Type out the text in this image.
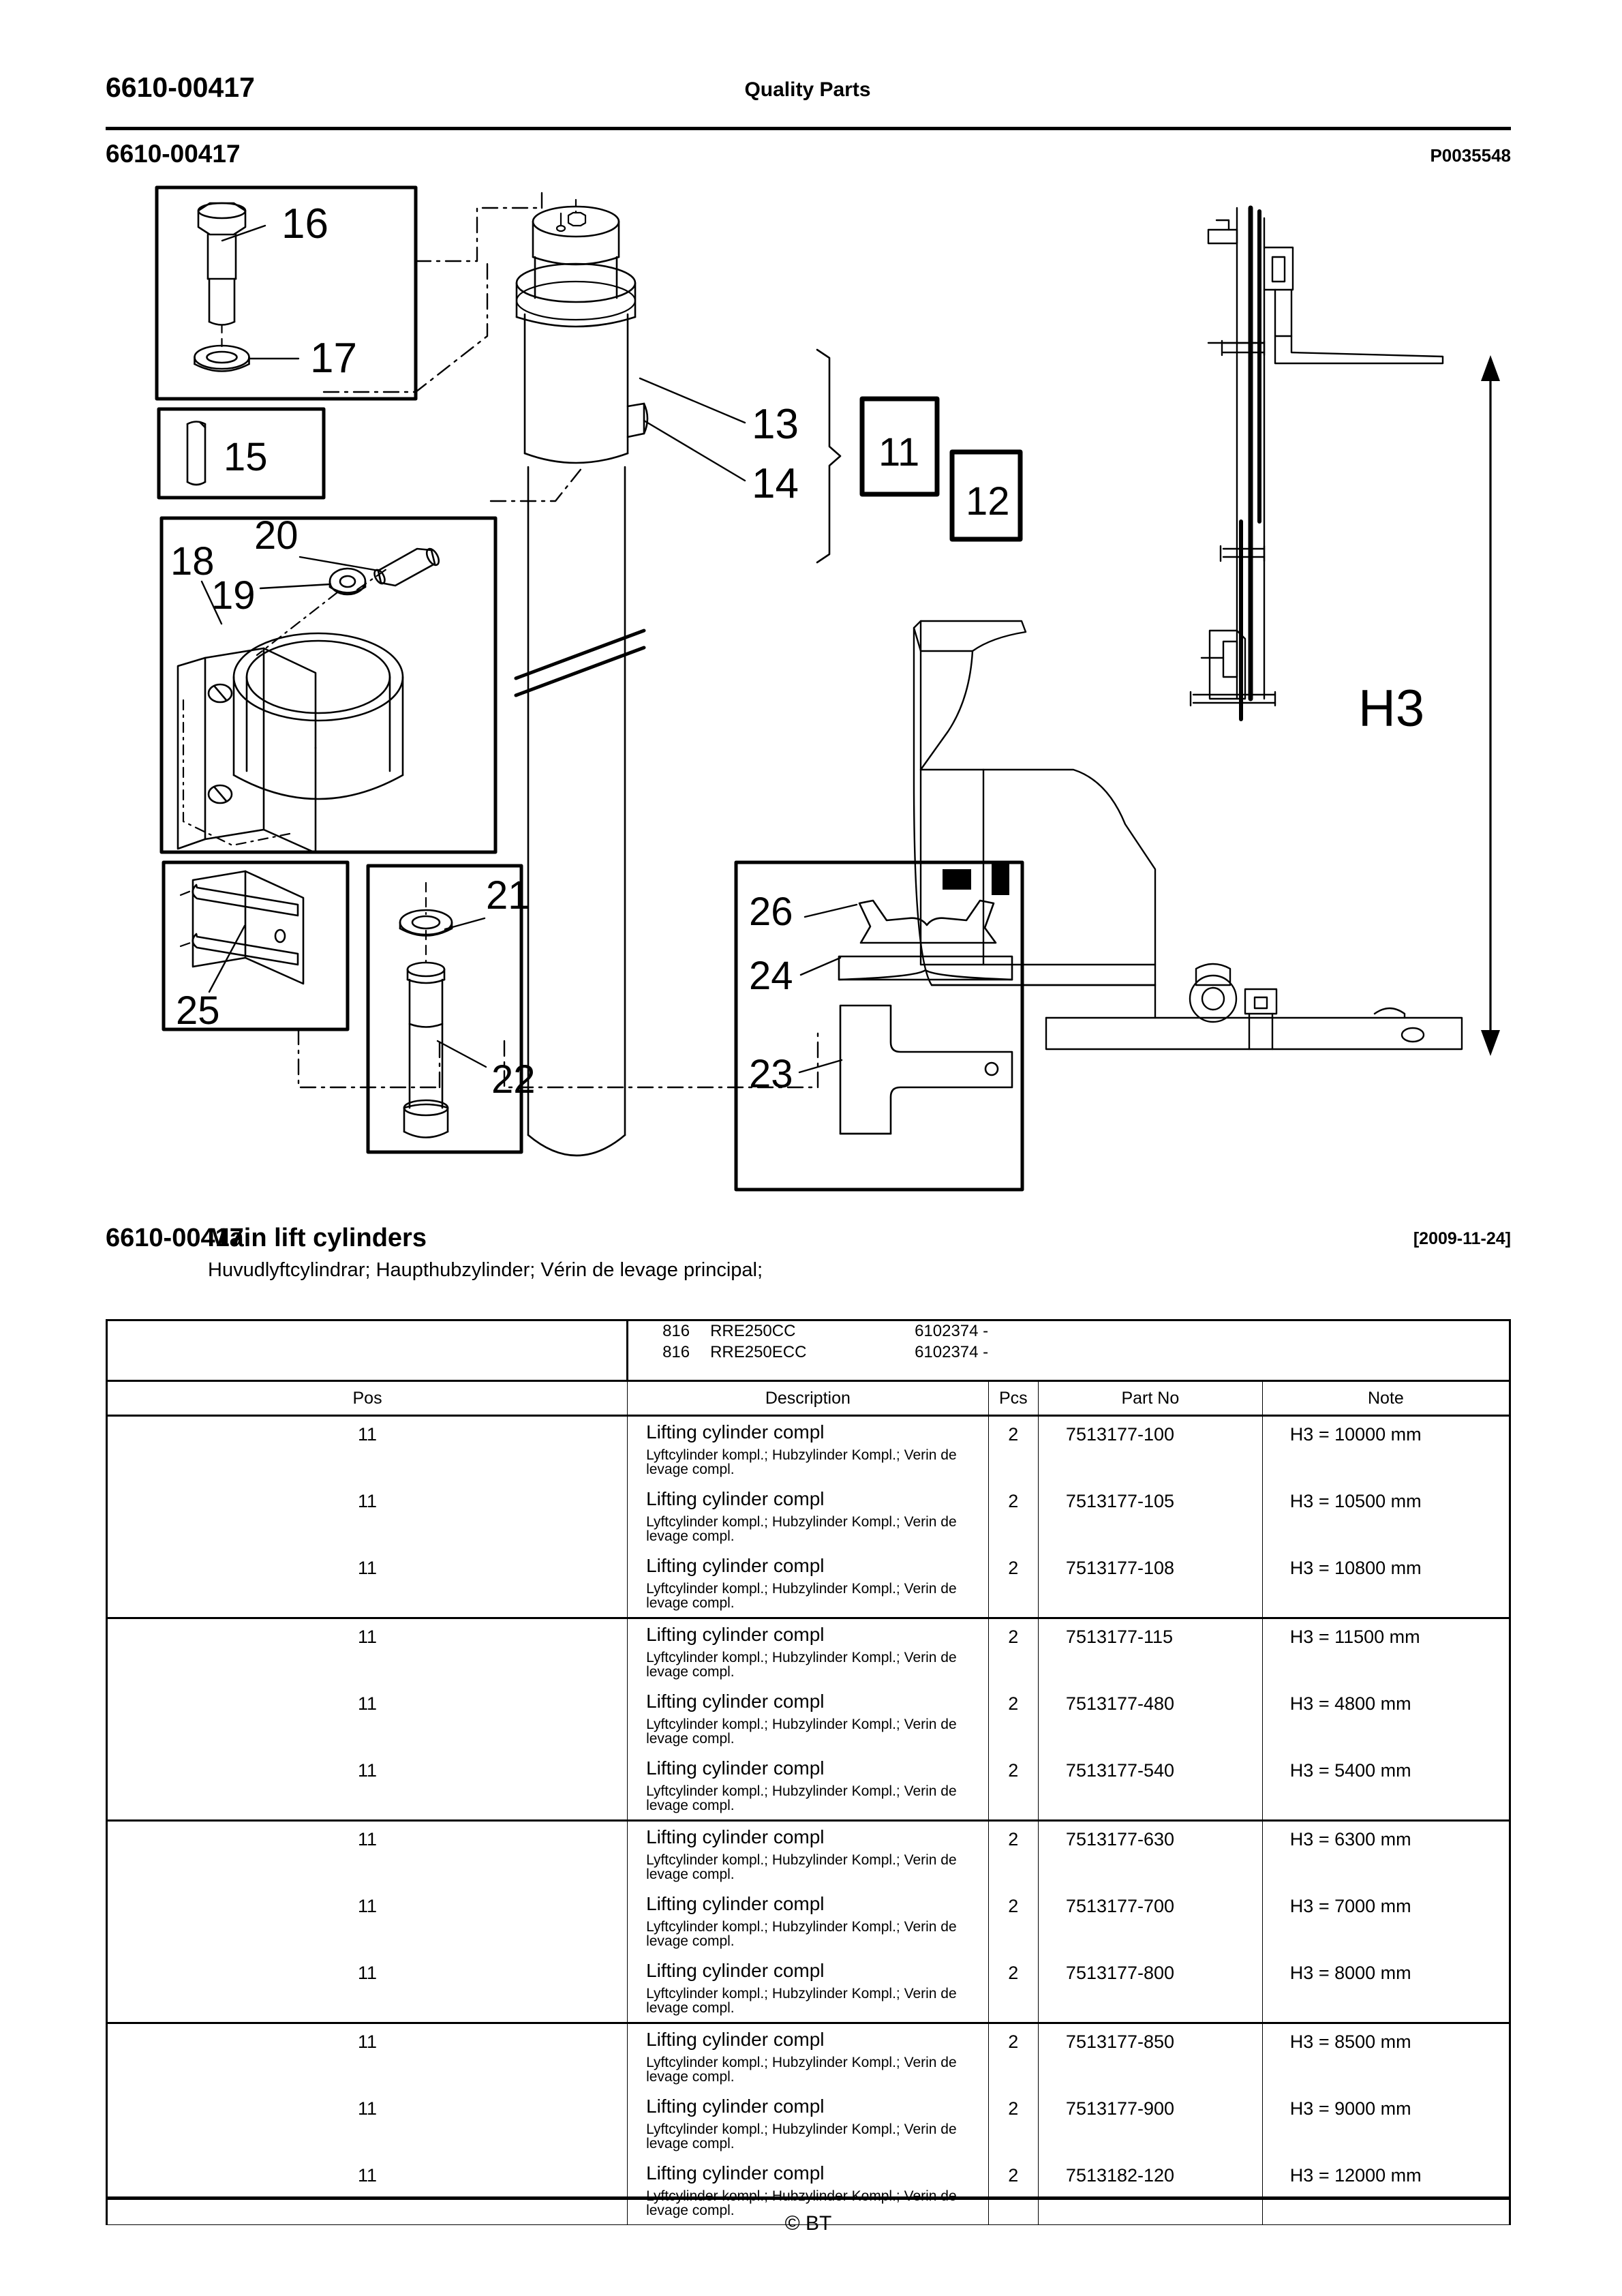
6610-00417	Quality Parts
6610-00417	P0035548
16
17
15
18
19
20
25
21
22
13
14
11
12
26
24
23
H3
6610-00417
Main lift cylinders	[2009-11-24]
Huvudlyftcylindrar; Haupthubzylinder; Vérin de levage principal;

	816 RRE250CC 6102374 -
816 RRE250ECC 6102374 -			

Pos	Description	Pcs	Part No	Note

11	Lifting cylinder compl
Lyftcylinder kompl.; Hubzylinder Kompl.; Verin de levage compl.	2	7513177-100	H3 = 10000 mm
11	Lifting cylinder compl
Lyftcylinder kompl.; Hubzylinder Kompl.; Verin de levage compl.	2	7513177-105	H3 = 10500 mm
11	Lifting cylinder compl
Lyftcylinder kompl.; Hubzylinder Kompl.; Verin de levage compl.	2	7513177-108	H3 = 10800 mm
11	Lifting cylinder compl
Lyftcylinder kompl.; Hubzylinder Kompl.; Verin de levage compl.	2	7513177-115	H3 = 11500 mm
11	Lifting cylinder compl
Lyftcylinder kompl.; Hubzylinder Kompl.; Verin de levage compl.	2	7513177-480	H3 = 4800 mm
11	Lifting cylinder compl
Lyftcylinder kompl.; Hubzylinder Kompl.; Verin de levage compl.	2	7513177-540	H3 = 5400 mm
11	Lifting cylinder compl
Lyftcylinder kompl.; Hubzylinder Kompl.; Verin de levage compl.	2	7513177-630	H3 = 6300 mm
11	Lifting cylinder compl
Lyftcylinder kompl.; Hubzylinder Kompl.; Verin de levage compl.	2	7513177-700	H3 = 7000 mm
11	Lifting cylinder compl
Lyftcylinder kompl.; Hubzylinder Kompl.; Verin de levage compl.	2	7513177-800	H3 = 8000 mm
11	Lifting cylinder compl
Lyftcylinder kompl.; Hubzylinder Kompl.; Verin de levage compl.	2	7513177-850	H3 = 8500 mm
11	Lifting cylinder compl
Lyftcylinder kompl.; Hubzylinder Kompl.; Verin de levage compl.	2	7513177-900	H3 = 9000 mm
11	Lifting cylinder compl
Lyftcylinder kompl.; Hubzylinder Kompl.; Verin de levage compl.	2	7513182-120	H3 = 12000 mm
© BT
